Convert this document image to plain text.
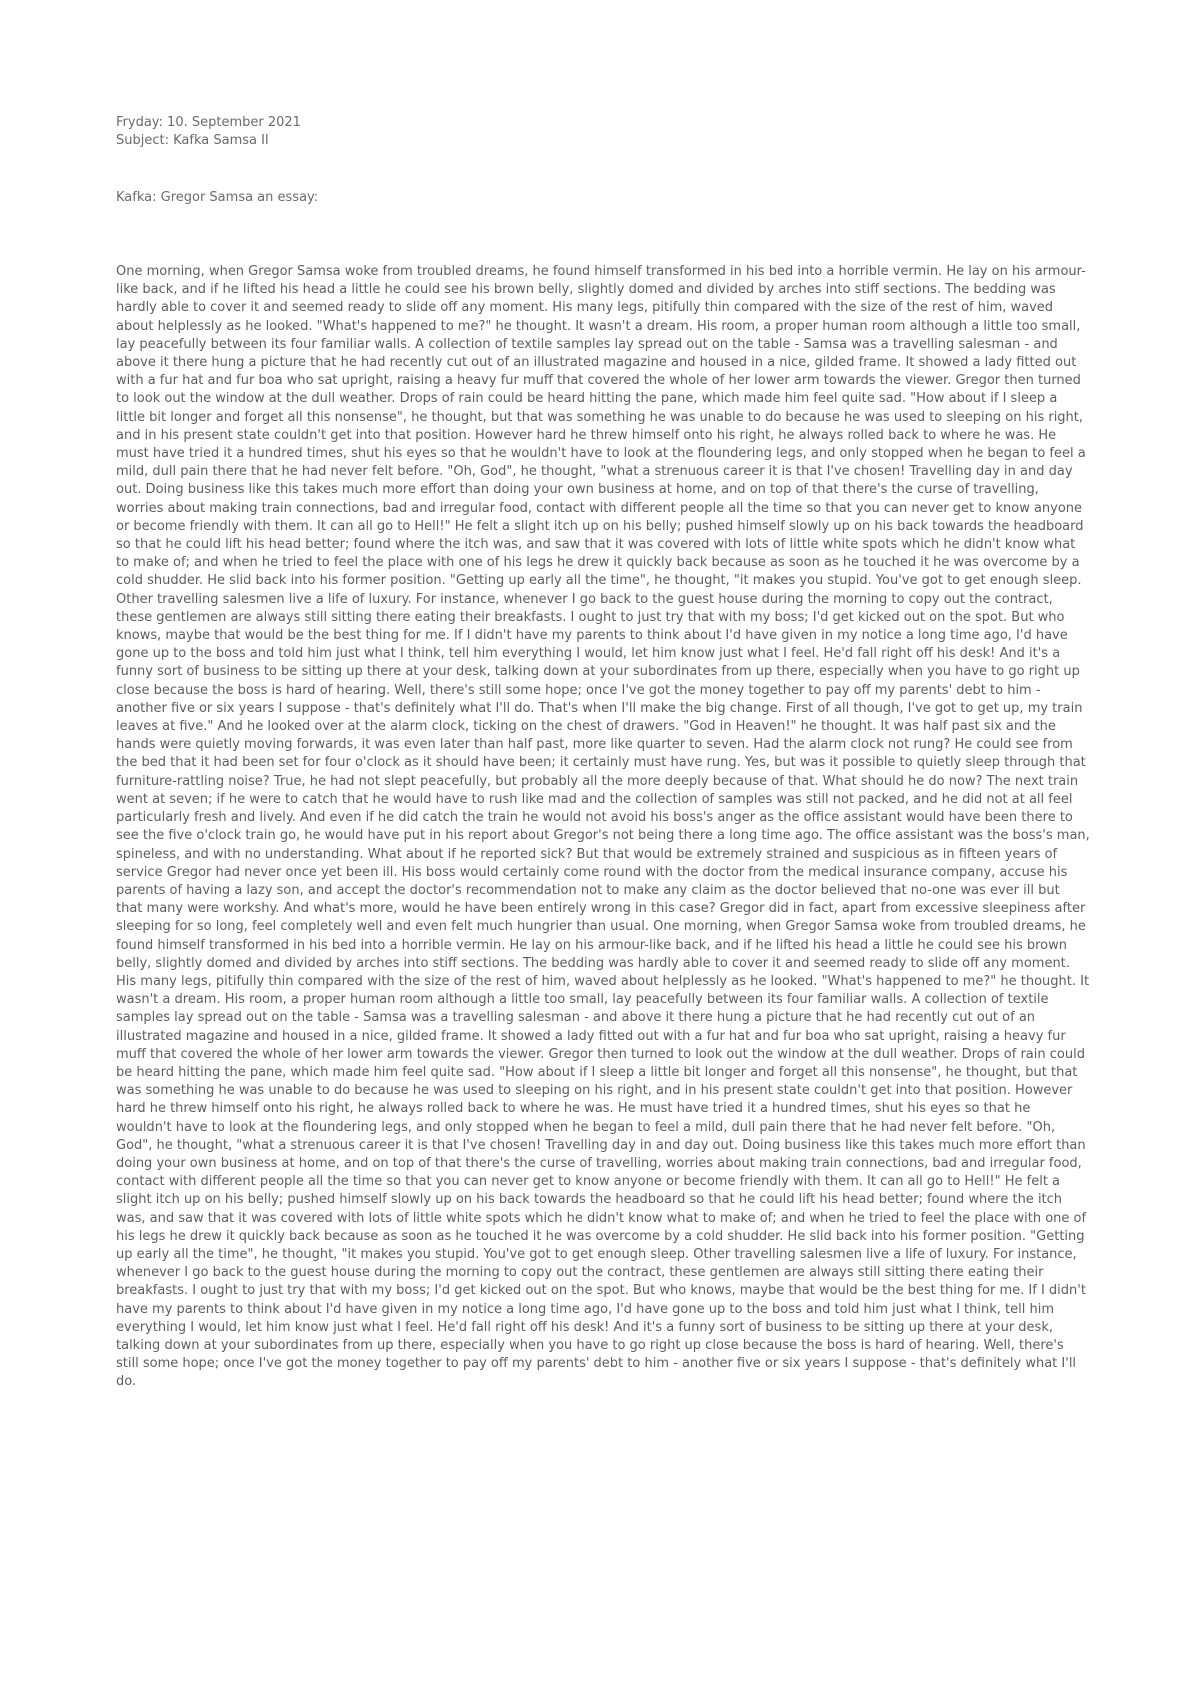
Fryday: 10. September 2021
Subject: Kafka Samsa II
Kafka: Gregor Samsa an essay:

One morning, when Gregor Samsa woke from troubled dreams, he found himself transformed in his bed into a horrible vermin. He lay on his armour-like back, and if he lifted his head a little he could see his brown belly, slightly domed and divided by arches into stiff sections. The bedding was hardly able to cover it and seemed ready to slide off any moment. His many legs, pitifully thin compared with the size of the rest of him, waved about helplessly as he looked. "What's happened to me?" he thought. It wasn't a dream. His room, a proper human room although a little too small, lay peacefully between its four familiar walls. A collection of textile samples lay spread out on the table - Samsa was a travelling salesman - and above it there hung a picture that he had recently cut out of an illustrated magazine and housed in a nice, gilded frame. It showed a lady fitted out with a fur hat and fur boa who sat upright, raising a heavy fur muff that covered the whole of her lower arm towards the viewer. Gregor then turned to look out the window at the dull weather. Drops of rain could be heard hitting the pane, which made him feel quite sad. "How about if I sleep a little bit longer and forget all this nonsense", he thought, but that was something he was unable to do because he was used to sleeping on his right, and in his present state couldn't get into that position. However hard he threw himself onto his right, he always rolled back to where he was. He must have tried it a hundred times, shut his eyes so that he wouldn't have to look at the floundering legs, and only stopped when he began to feel a mild, dull pain there that he had never felt before. "Oh, God", he thought, "what a strenuous career it is that I've chosen! Travelling day in and day out. Doing business like this takes much more effort than doing your own business at home, and on top of that there's the curse of travelling, worries about making train connections, bad and irregular food, contact with different people all the time so that you can never get to know anyone or become friendly with them. It can all go to Hell!" He felt a slight itch up on his belly; pushed himself slowly up on his back towards the headboard so that he could lift his head better; found where the itch was, and saw that it was covered with lots of little white spots which he didn't know what to make of; and when he tried to feel the place with one of his legs he drew it quickly back because as soon as he touched it he was overcome by a cold shudder. He slid back into his former position. "Getting up early all the time", he thought, "it makes you stupid. You've got to get enough sleep. Other travelling salesmen live a life of luxury. For instance, whenever I go back to the guest house during the morning to copy out the contract, these gentlemen are always still sitting there eating their breakfasts. I ought to just try that with my boss; I'd get kicked out on the spot. But who knows, maybe that would be the best thing for me. If I didn't have my parents to think about I'd have given in my notice a long time ago, I'd have gone up to the boss and told him just what I think, tell him everything I would, let him know just what I feel. He'd fall right off his desk! And it's a funny sort of business to be sitting up there at your desk, talking down at your subordinates from up there, especially when you have to go right up close because the boss is hard of hearing. Well, there's still some hope; once I've got the money together to pay off my parents' debt to him - another five or six years I suppose - that's definitely what I'll do. That's when I'll make the big change. First of all though, I've got to get up, my train leaves at five." And he looked over at the alarm clock, ticking on the chest of drawers. "God in Heaven!" he thought. It was half past six and the hands were quietly moving forwards, it was even later than half past, more like quarter to seven. Had the alarm clock not rung? He could see from the bed that it had been set for four o'clock as it should have been; it certainly must have rung. Yes, but was it possible to quietly sleep through that furniture-rattling noise? True, he had not slept peacefully, but probably all the more deeply because of that. What should he do now? The next train went at seven; if he were to catch that he would have to rush like mad and the collection of samples was still not packed, and he did not at all feel particularly fresh and lively. And even if he did catch the train he would not avoid his boss's anger as the office assistant would have been there to see the five o'clock train go, he would have put in his report about Gregor's not being there a long time ago. The office assistant was the boss's man, spineless, and with no understanding. What about if he reported sick? But that would be extremely strained and suspicious as in fifteen years of service Gregor had never once yet been ill. His boss would certainly come round with the doctor from the medical insurance company, accuse his parents of having a lazy son, and accept the doctor's recommendation not to make any claim as the doctor believed that no-one was ever ill but that many were workshy. And what's more, would he have been entirely wrong in this case? Gregor did in fact, apart from excessive sleepiness after sleeping for so long, feel completely well and even felt much hungrier than usual. One morning, when Gregor Samsa woke from troubled dreams, he found himself transformed in his bed into a horrible vermin. He lay on his armour-like back, and if he lifted his head a little he could see his brown belly, slightly domed and divided by arches into stiff sections. The bedding was hardly able to cover it and seemed ready to slide off any moment. His many legs, pitifully thin compared with the size of the rest of him, waved about helplessly as he looked. "What's happened to me?" he thought. It wasn't a dream. His room, a proper human room although a little too small, lay peacefully between its four familiar walls. A collection of textile samples lay spread out on the table - Samsa was a travelling salesman - and above it there hung a picture that he had recently cut out of an illustrated magazine and housed in a nice, gilded frame. It showed a lady fitted out with a fur hat and fur boa who sat upright, raising a heavy fur muff that covered the whole of her lower arm towards the viewer. Gregor then turned to look out the window at the dull weather. Drops of rain could be heard hitting the pane, which made him feel quite sad. "How about if I sleep a little bit longer and forget all this nonsense", he thought, but that was something he was unable to do because he was used to sleeping on his right, and in his present state couldn't get into that position. However hard he threw himself onto his right, he always rolled back to where he was. He must have tried it a hundred times, shut his eyes so that he wouldn't have to look at the floundering legs, and only stopped when he began to feel a mild, dull pain there that he had never felt before. "Oh, God", he thought, "what a strenuous career it is that I've chosen! Travelling day in and day out. Doing business like this takes much more effort than doing your own business at home, and on top of that there's the curse of travelling, worries about making train connections, bad and irregular food, contact with different people all the time so that you can never get to know anyone or become friendly with them. It can all go to Hell!" He felt a slight itch up on his belly; pushed himself slowly up on his back towards the headboard so that he could lift his head better; found where the itch was, and saw that it was covered with lots of little white spots which he didn't know what to make of; and when he tried to feel the place with one of his legs he drew it quickly back because as soon as he touched it he was overcome by a cold shudder. He slid back into his former position. "Getting up early all the time", he thought, "it makes you stupid. You've got to get enough sleep. Other travelling salesmen live a life of luxury. For instance, whenever I go back to the guest house during the morning to copy out the contract, these gentlemen are always still sitting there eating their breakfasts. I ought to just try that with my boss; I'd get kicked out on the spot. But who knows, maybe that would be the best thing for me. If I didn't have my parents to think about I'd have given in my notice a long time ago, I'd have gone up to the boss and told him just what I think, tell him everything I would, let him know just what I feel. He'd fall right off his desk! And it's a funny sort of business to be sitting up there at your desk, talking down at your subordinates from up there, especially when you have to go right up close because the boss is hard of hearing. Well, there's still some hope; once I've got the money together to pay off my parents' debt to him - another five or six years I suppose - that's definitely what I'll do.
